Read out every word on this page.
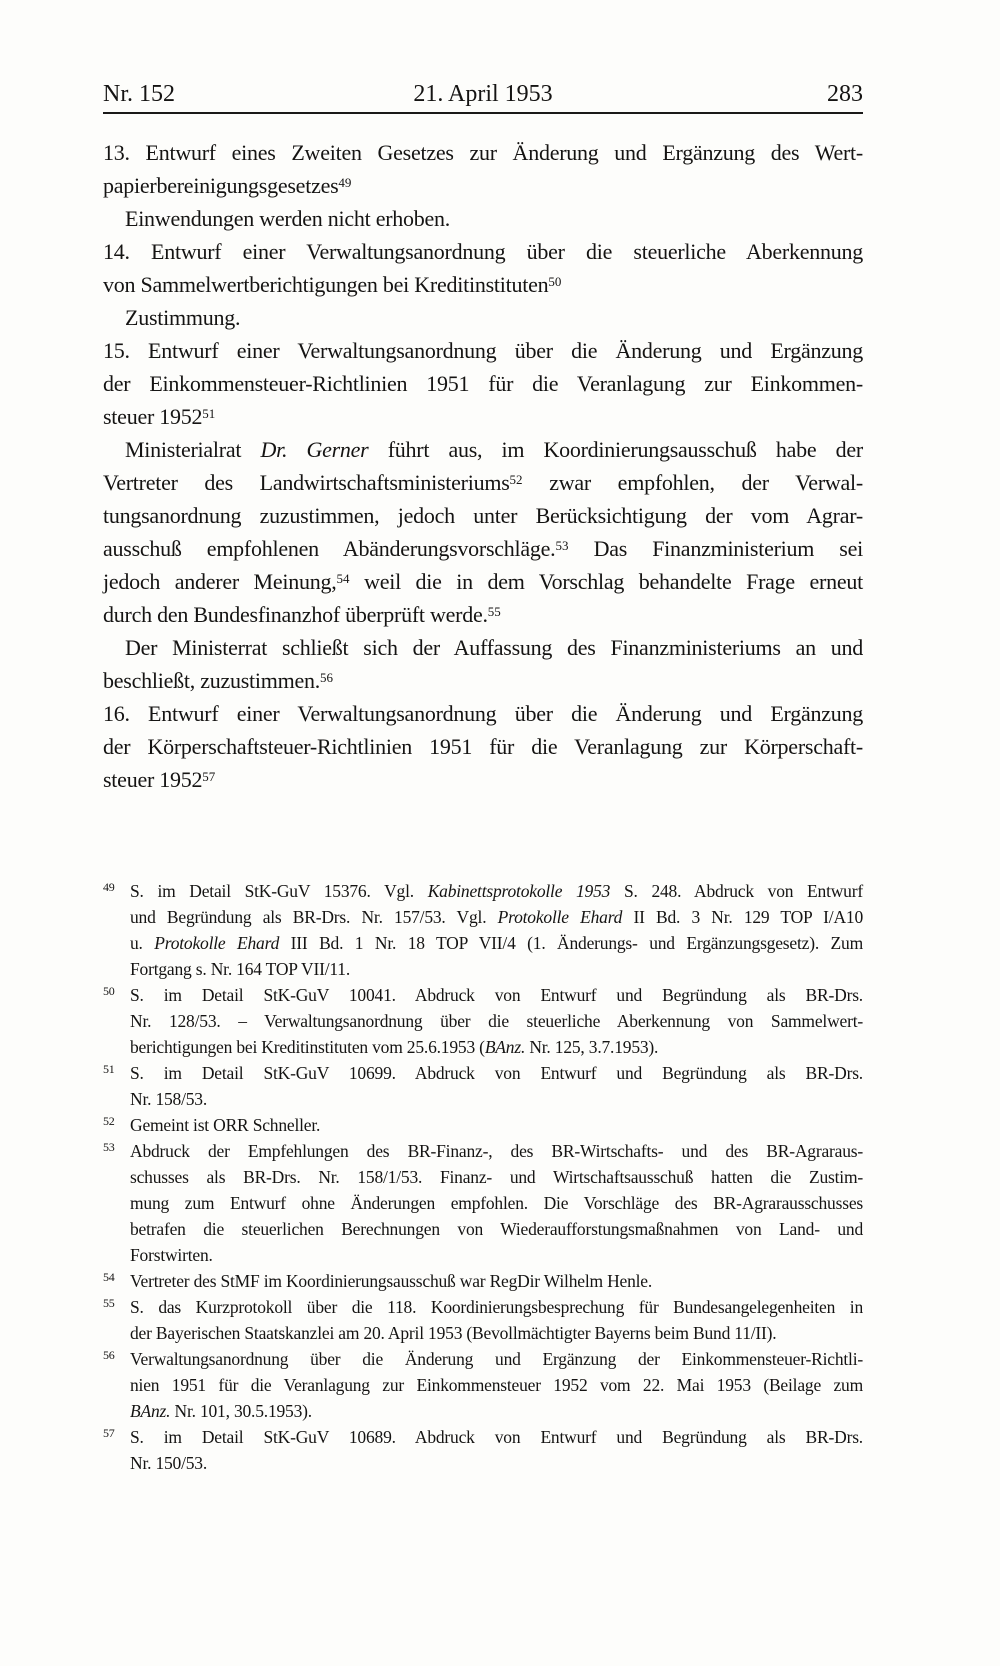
Nr. 152	21. April 1953	283
13. Entwurf eines Zweiten Gesetzes zur Änderung und Ergänzung des Wert-
papierbereinigungsgesetzes$^{49}$
Einwendungen werden nicht erhoben.
14. Entwurf einer Verwaltungsanordnung über die steuerliche Aberkennung
von Sammelwertberichtigungen bei Kreditinstituten$^{50}$
Zustimmung.
15. Entwurf einer Verwaltungsanordnung über die Änderung und Ergänzung
der Einkommensteuer-Richtlinien 1951 für die Veranlagung zur Einkommen-
steuer 1952$^{51}$
Ministerialrat Dr. Gerner führt aus, im Koordinierungsausschuß habe der
Vertreter des Landwirtschaftsministeriums$^{52}$ zwar empfohlen, der Verwal-
tungsanordnung zuzustimmen, jedoch unter Berücksichtigung der vom Agrar-
ausschuß empfohlenen Abänderungsvorschläge.$^{53}$ Das Finanzministerium sei
jedoch anderer Meinung,$^{54}$ weil die in dem Vorschlag behandelte Frage erneut
durch den Bundesfinanzhof überprüft werde.$^{55}$
Der Ministerrat schließt sich der Auffassung des Finanzministeriums an und
beschließt, zuzustimmen.$^{56}$
16. Entwurf einer Verwaltungsanordnung über die Änderung und Ergänzung
der Körperschaftsteuer-Richtlinien 1951 für die Veranlagung zur Körperschaft-
steuer 1952$^{57}$
49 S. im Detail StK-GuV 15376. Vgl. Kabinettsprotokolle 1953 S. 248. Abdruck von Entwurf
und Begründung als BR-Drs. Nr. 157/53. Vgl. Protokolle Ehard II Bd. 3 Nr. 129 TOP I/A10
u. Protokolle Ehard III Bd. 1 Nr. 18 TOP VII/4 (1. Änderungs- und Ergänzungsgesetz). Zum
Fortgang s. Nr. 164 TOP VII/11.
50 S. im Detail StK-GuV 10041. Abdruck von Entwurf und Begründung als BR-Drs.
Nr. 128/53. – Verwaltungsanordnung über die steuerliche Aberkennung von Sammelwert-
berichtigungen bei Kreditinstituten vom 25.6.1953 (BAnz. Nr. 125, 3.7.1953).
51 S. im Detail StK-GuV 10699. Abdruck von Entwurf und Begründung als BR-Drs.
Nr. 158/53.
52 Gemeint ist ORR Schneller.
53 Abdruck der Empfehlungen des BR-Finanz-, des BR-Wirtschafts- und des BR-Agraraus-
schusses als BR-Drs. Nr. 158/1/53. Finanz- und Wirtschaftsausschuß hatten die Zustim-
mung zum Entwurf ohne Änderungen empfohlen. Die Vorschläge des BR-Agrarausschusses
betrafen die steuerlichen Berechnungen von Wiederaufforstungsmaßnahmen von Land- und
Forstwirten.
54 Vertreter des StMF im Koordinierungsausschuß war RegDir Wilhelm Henle.
55 S. das Kurzprotokoll über die 118. Koordinierungsbesprechung für Bundesangelegenheiten in
der Bayerischen Staatskanzlei am 20. April 1953 (Bevollmächtigter Bayerns beim Bund 11/II).
56 Verwaltungsanordnung über die Änderung und Ergänzung der Einkommensteuer-Richtli-
nien 1951 für die Veranlagung zur Einkommensteuer 1952 vom 22. Mai 1953 (Beilage zum
BAnz. Nr. 101, 30.5.1953).
57 S. im Detail StK-GuV 10689. Abdruck von Entwurf und Begründung als BR-Drs.
Nr. 150/53.
